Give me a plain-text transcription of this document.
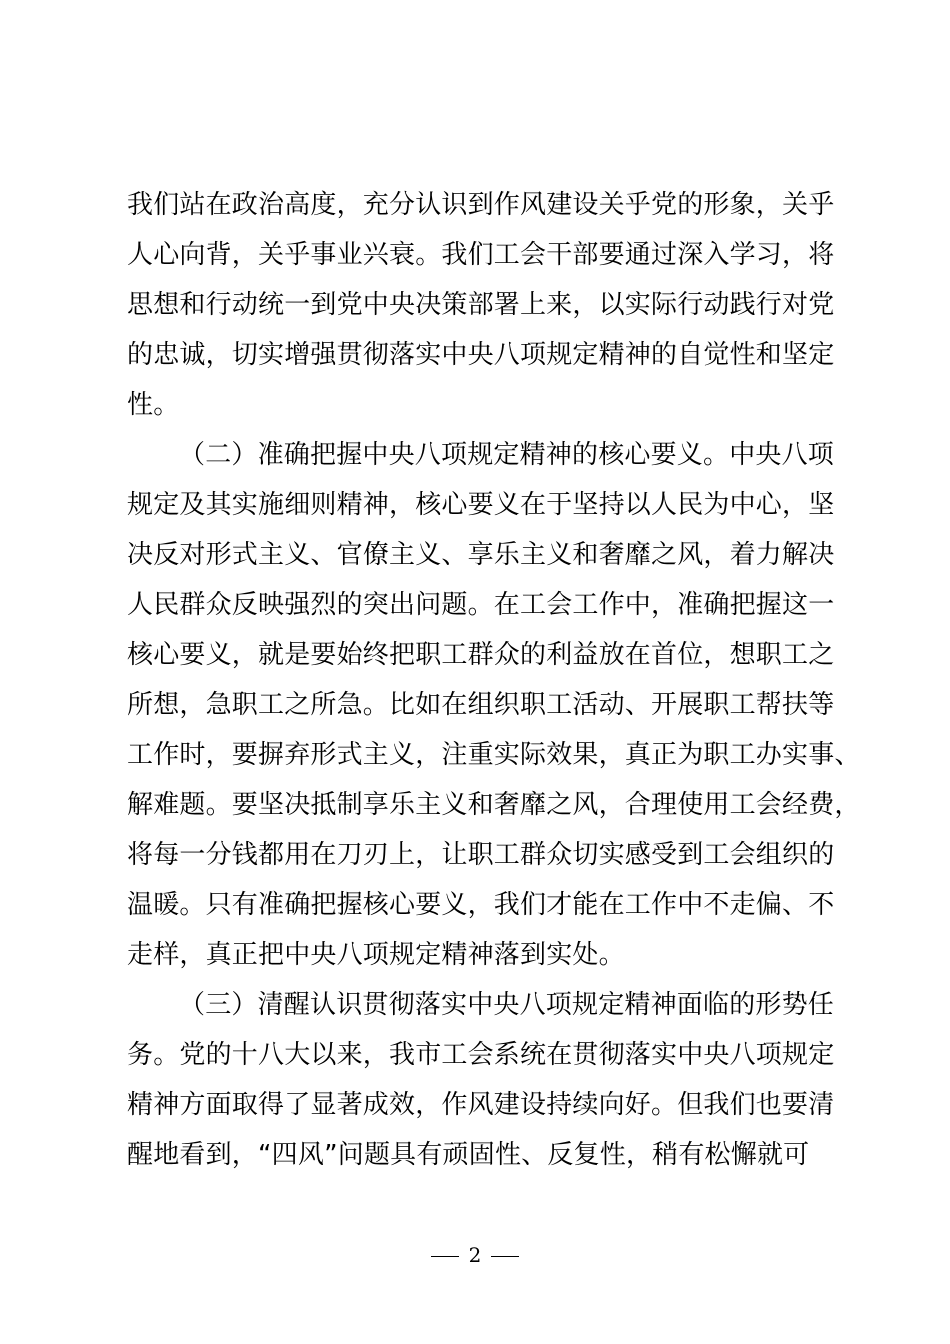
我们站在政治高度，充分认识到作风建设关乎党的形象，关乎
人心向背，关乎事业兴衰。我们工会干部要通过深入学习，将
思想和行动统一到党中央决策部署上来，以实际行动践行对党
的忠诚，切实增强贯彻落实中央八项规定精神的自觉性和坚定
性。
（二）准确把握中央八项规定精神的核心要义。中央八项
规定及其实施细则精神，核心要义在于坚持以人民为中心，坚
决反对形式主义、官僚主义、享乐主义和奢靡之风，着力解决
人民群众反映强烈的突出问题。在工会工作中，准确把握这一
核心要义，就是要始终把职工群众的利益放在首位，想职工之
所想，急职工之所急。比如在组织职工活动、开展职工帮扶等
工作时，要摒弃形式主义，注重实际效果，真正为职工办实事、
解难题。要坚决抵制享乐主义和奢靡之风，合理使用工会经费，
将每一分钱都用在刀刃上，让职工群众切实感受到工会组织的
温暖。只有准确把握核心要义，我们才能在工作中不走偏、不
走样，真正把中央八项规定精神落到实处。
（三）清醒认识贯彻落实中央八项规定精神面临的形势任
务。党的十八大以来，我市工会系统在贯彻落实中央八项规定
精神方面取得了显著成效，作风建设持续向好。但我们也要清
醒地看到，“四风”问题具有顽固性、反复性，稍有松懈就可
2
